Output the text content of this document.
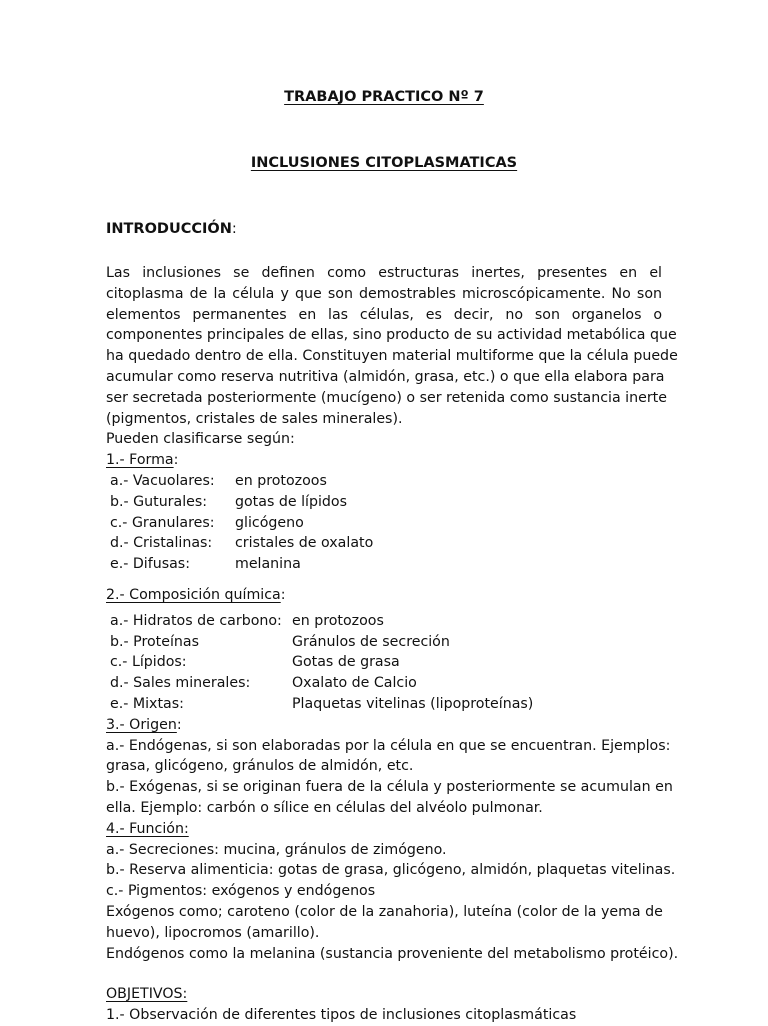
TRABAJO PRACTICO Nº 7
INCLUSIONES CITOPLASMATICAS
INTRODUCCIÓN:
Las inclusiones se definen como estructuras inertes, presentes en el
citoplasma de la célula y que son demostrables microscópicamente. No son
elementos permanentes en las células, es decir, no son organelos o
componentes principales de ellas, sino producto de su actividad metabólica que
ha quedado dentro de ella. Constituyen material multiforme que la célula puede
acumular como reserva nutritiva (almidón, grasa, etc.) o que ella elabora para
ser secretada posteriormente (mucígeno) o ser retenida como sustancia inerte
(pigmentos, cristales de sales minerales).
Pueden clasificarse según:
1.- Forma:
a.- Vacuolares:	en protozoos
b.- Guturales:	gotas de lípidos
c.- Granulares:	glicógeno
d.- Cristalinas:	cristales de oxalato
e.- Difusas:	melanina
2.- Composición química:
a.- Hidratos de carbono:	en protozoos
b.- Proteínas	Gránulos de secreción
c.- Lípidos:	Gotas de grasa
d.- Sales minerales:	Oxalato de Calcio
e.- Mixtas:	Plaquetas vitelinas (lipoproteínas)
3.- Origen:
a.- Endógenas, si son elaboradas por la célula en que se encuentran. Ejemplos:
grasa, glicógeno, gránulos de almidón, etc.
b.- Exógenas, si se originan fuera de la célula y posteriormente se acumulan en
ella. Ejemplo: carbón o sílice en células del alvéolo pulmonar.
4.- Función:
a.- Secreciones: mucina, gránulos de zimógeno.
b.- Reserva alimenticia: gotas de grasa, glicógeno, almidón, plaquetas vitelinas.
c.- Pigmentos: exógenos y endógenos
Exógenos como; caroteno (color de la zanahoria), luteína (color de la yema de
huevo), lipocromos (amarillo).
Endógenos como la melanina (sustancia proveniente del metabolismo protéico).
OBJETIVOS:
1.- Observación de diferentes tipos de inclusiones citoplasmáticas
